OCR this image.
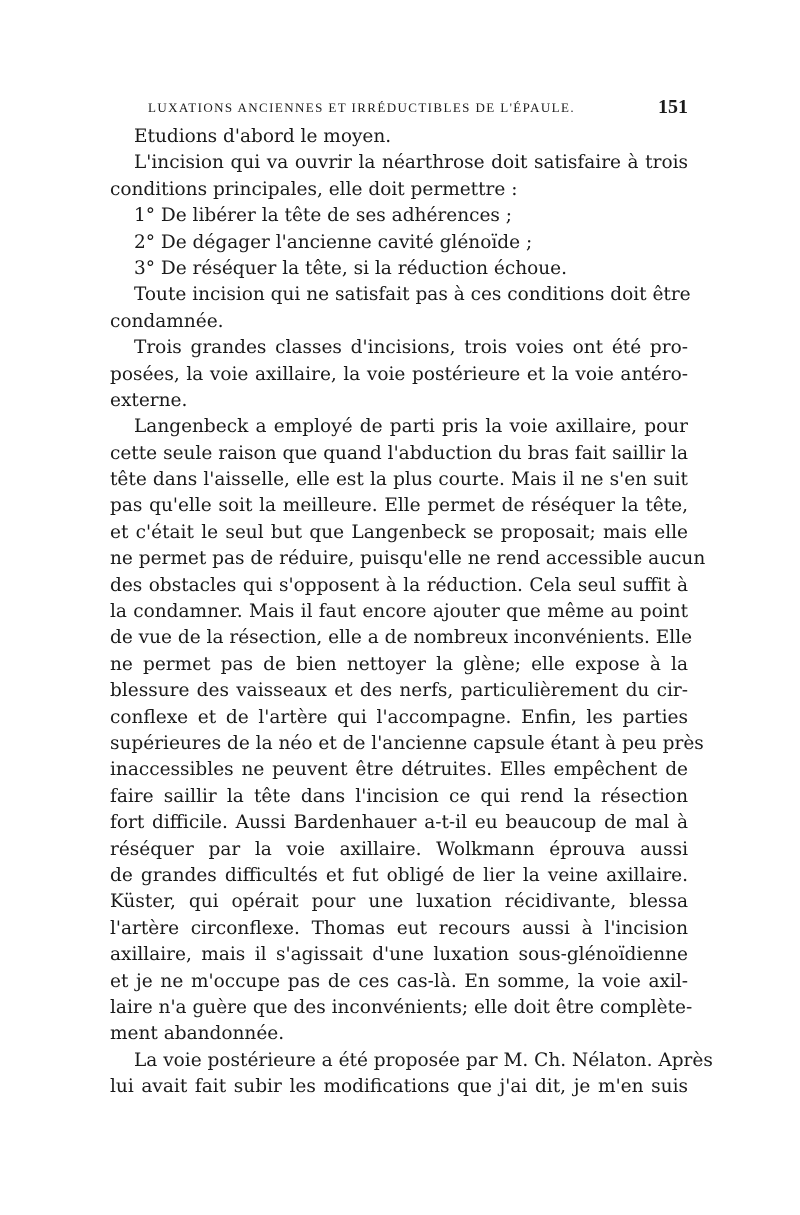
LUXATIONS ANCIENNES ET IRRÉDUCTIBLES DE L'ÉPAULE.	151
Etudions d'abord le moyen.
L'incision qui va ouvrir la néarthrose doit satisfaire à trois
conditions principales, elle doit permettre :
1° De libérer la tête de ses adhérences ;
2° De dégager l'ancienne cavité glénoïde ;
3° De réséquer la tête, si la réduction échoue.
Toute incision qui ne satisfait pas à ces conditions doit être
condamnée.
Trois grandes classes d'incisions, trois voies ont été pro-
posées, la voie axillaire, la voie postérieure et la voie antéro-
externe.
Langenbeck a employé de parti pris la voie axillaire, pour
cette seule raison que quand l'abduction du bras fait saillir la
tête dans l'aisselle, elle est la plus courte. Mais il ne s'en suit
pas qu'elle soit la meilleure. Elle permet de réséquer la tête,
et c'était le seul but que Langenbeck se proposait; mais elle
ne permet pas de réduire, puisqu'elle ne rend accessible aucun
des obstacles qui s'opposent à la réduction. Cela seul suffit à
la condamner. Mais il faut encore ajouter que même au point
de vue de la résection, elle a de nombreux inconvénients. Elle
ne permet pas de bien nettoyer la glène; elle expose à la
blessure des vaisseaux et des nerfs, particulièrement du cir-
conflexe et de l'artère qui l'accompagne. Enfin, les parties
supérieures de la néo et de l'ancienne capsule étant à peu près
inaccessibles ne peuvent être détruites. Elles empêchent de
faire saillir la tête dans l'incision ce qui rend la résection
fort difficile. Aussi Bardenhauer a-t-il eu beaucoup de mal à
réséquer par la voie axillaire. Wolkmann éprouva aussi
de grandes difficultés et fut obligé de lier la veine axillaire.
Küster, qui opérait pour une luxation récidivante, blessa
l'artère circonflexe. Thomas eut recours aussi à l'incision
axillaire, mais il s'agissait d'une luxation sous-glénoïdienne
et je ne m'occupe pas de ces cas-là. En somme, la voie axil-
laire n'a guère que des inconvénients; elle doit être complète-
ment abandonnée.
La voie postérieure a été proposée par M. Ch. Nélaton. Après
lui avait fait subir les modifications que j'ai dit, je m'en suis
